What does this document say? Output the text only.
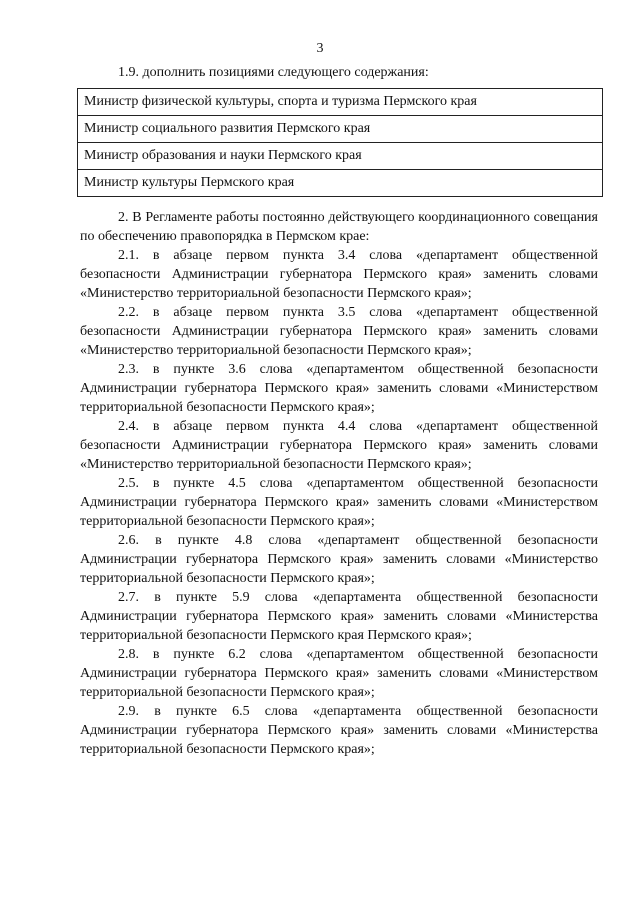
3
1.9. дополнить позициями следующего содержания:
Министр физической культуры, спорта и туризма Пермского края
Министр социального развития Пермского края
Министр образования и науки Пермского края
Министр культуры Пермского края

2. В Регламенте работы постоянно действующего координационного совещания по обеспечению правопорядка в Пермском крае:

2.1. в абзаце первом пункта 3.4 слова «департамент общественной безопасности Администрации губернатора Пермского края» заменить словами «Министерство территориальной безопасности Пермского края»;

2.2. в абзаце первом пункта 3.5 слова «департамент общественной безопасности Администрации губернатора Пермского края» заменить словами «Министерство территориальной безопасности Пермского края»;

2.3. в пункте 3.6 слова «департаментом общественной безопасности Администрации губернатора Пермского края» заменить словами «Министерством территориальной безопасности Пермского края»;

2.4. в абзаце первом пункта 4.4 слова «департамент общественной безопасности Администрации губернатора Пермского края» заменить словами «Министерство территориальной безопасности Пермского края»;

2.5. в пункте 4.5 слова «департаментом общественной безопасности Администрации губернатора Пермского края» заменить словами «Министерством территориальной безопасности Пермского края»;

2.6. в пункте 4.8 слова «департамент общественной безопасности Администрации губернатора Пермского края» заменить словами «Министерство территориальной безопасности Пермского края»;

2.7. в пункте 5.9 слова «департамента общественной безопасности Администрации губернатора Пермского края» заменить словами «Министерства территориальной безопасности Пермского края Пермского края»;

2.8. в пункте 6.2 слова «департаментом общественной безопасности Администрации губернатора Пермского края» заменить словами «Министерством территориальной безопасности Пермского края»;

2.9. в пункте 6.5 слова «департамента общественной безопасности Администрации губернатора Пермского края» заменить словами «Министерства территориальной безопасности Пермского края»;
